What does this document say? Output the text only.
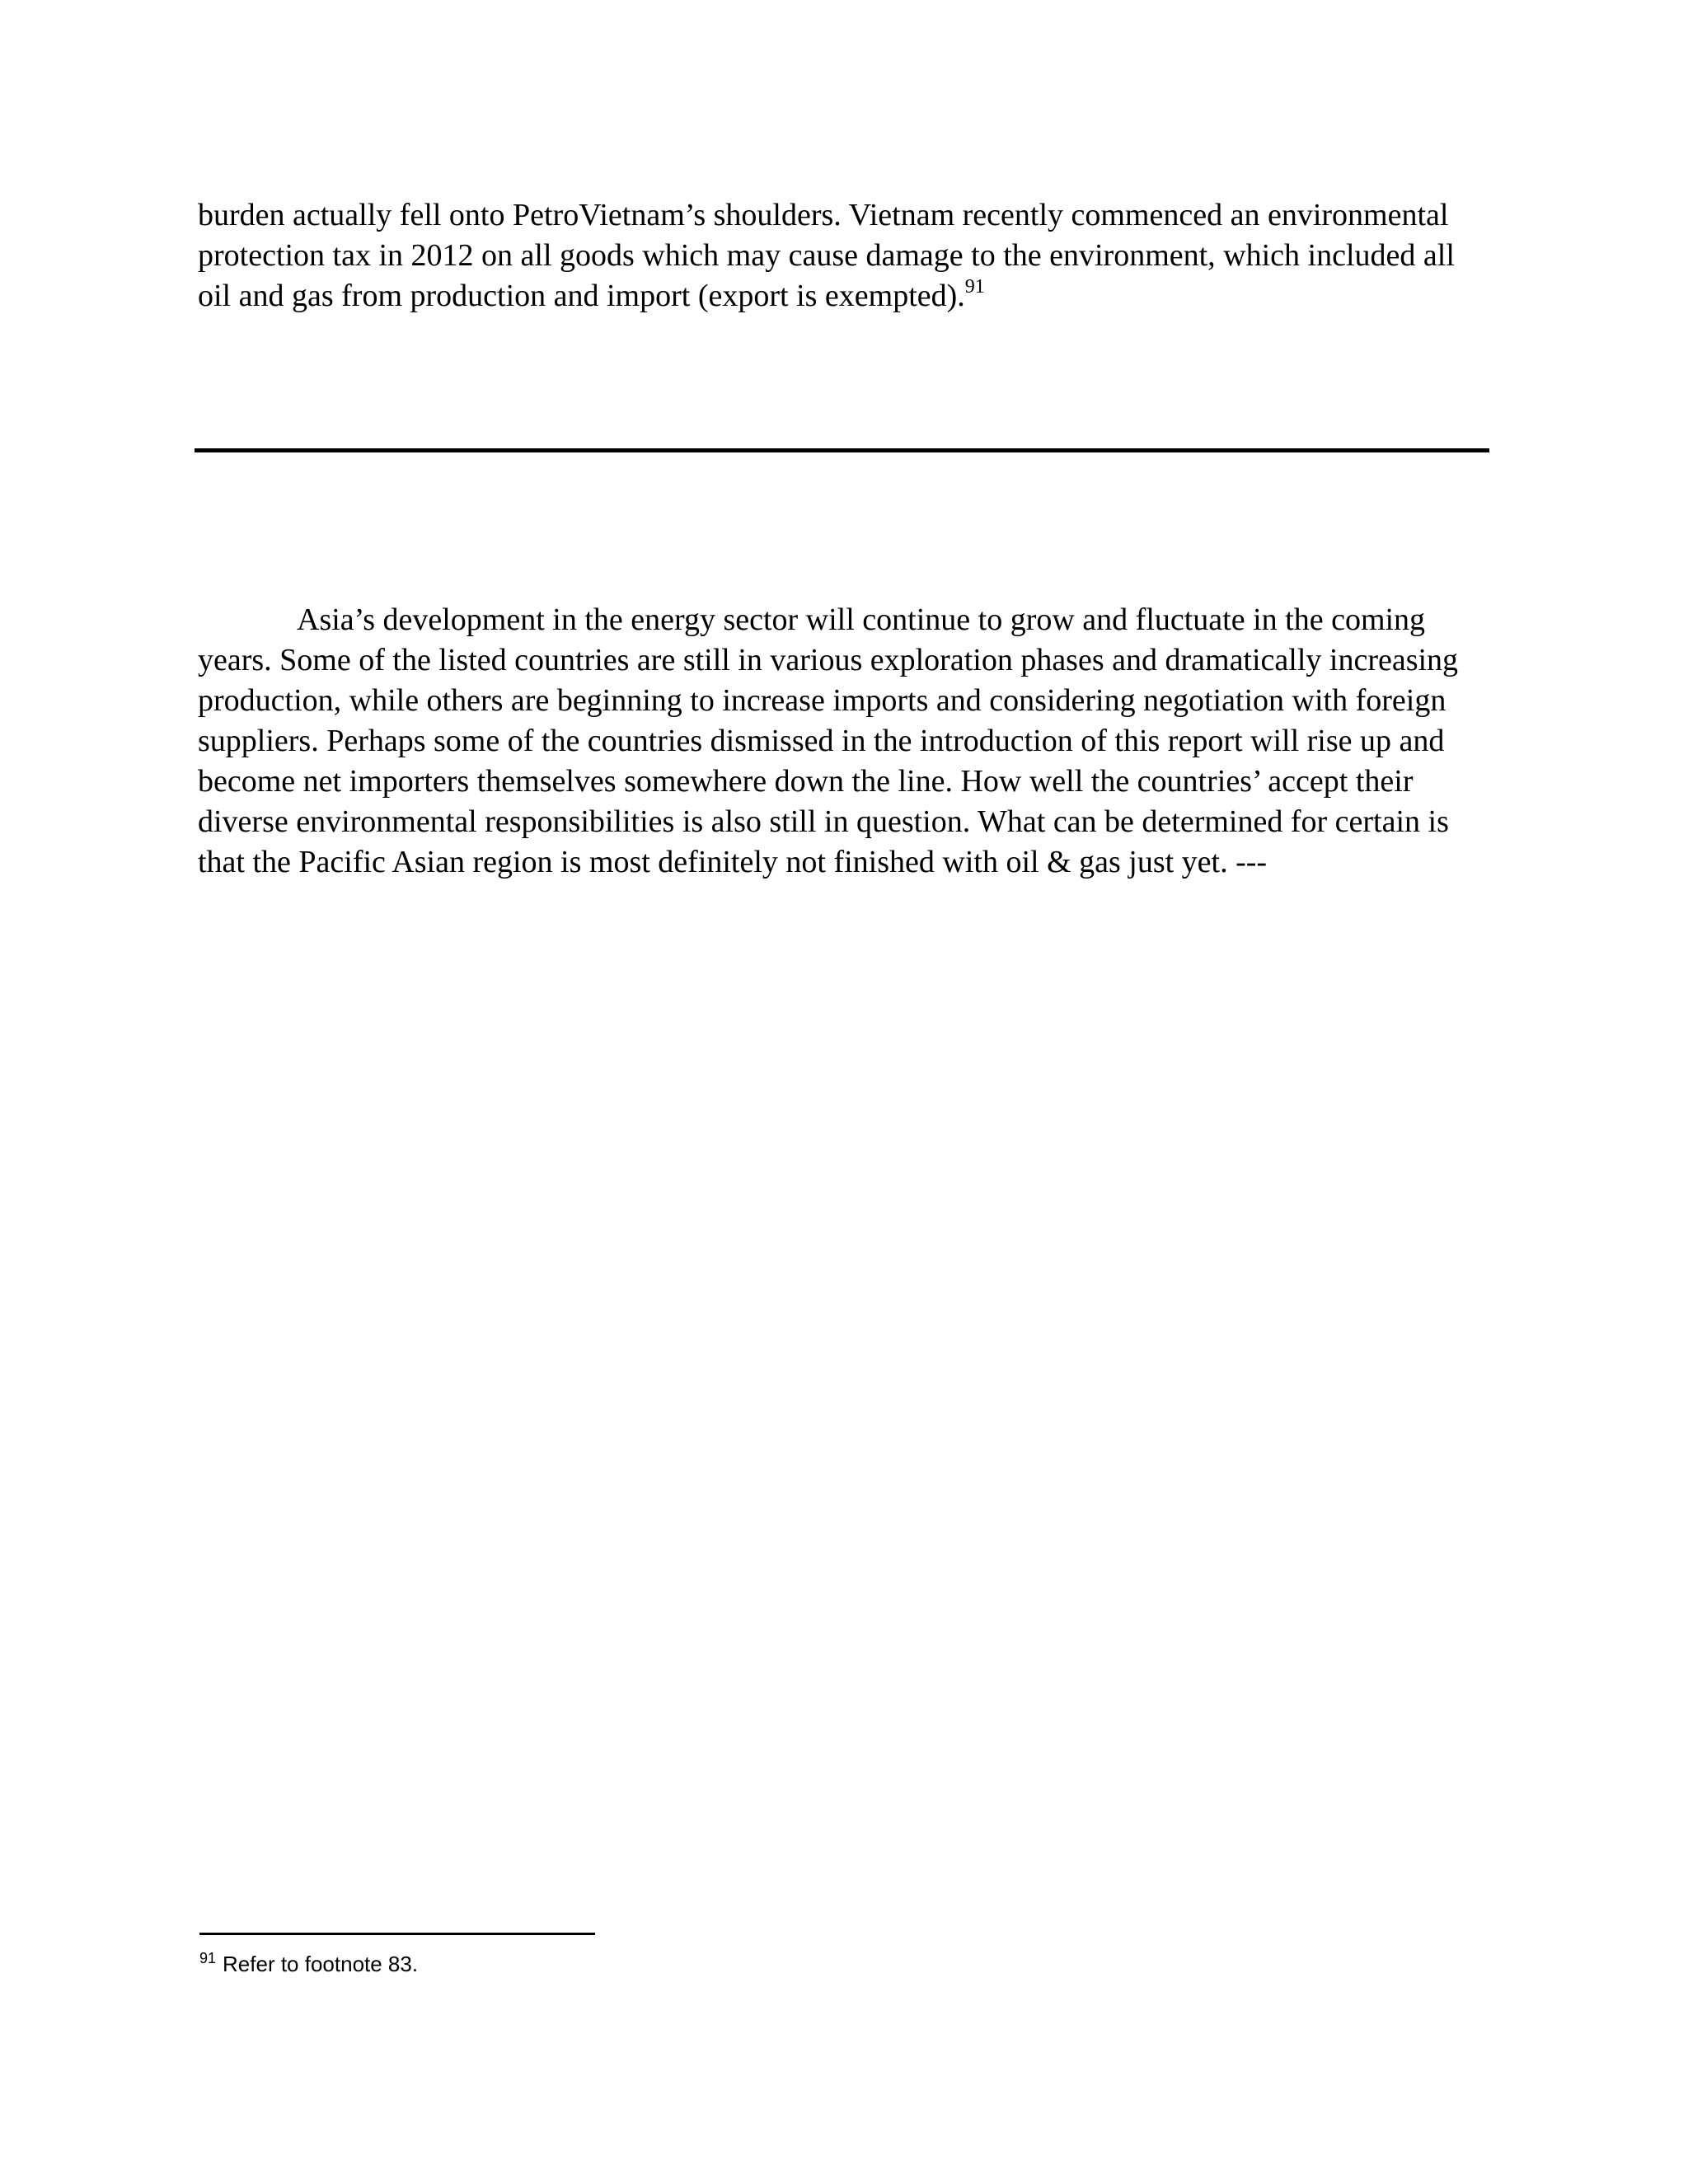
burden actually fell onto PetroVietnam’s shoulders. Vietnam recently commenced an environmental protection tax in 2012 on all goods which may cause damage to the environment, which included all oil and gas from production and import (export is exempted).$^{91}$

Asia’s development in the energy sector will continue to grow and fluctuate in the coming years. Some of the listed countries are still in various exploration phases and dramatically increasing production, while others are beginning to increase imports and considering negotiation with foreign suppliers. Perhaps some of the countries dismissed in the introduction of this report will rise up and become net importers themselves somewhere down the line. How well the countries’ accept their diverse environmental responsibilities is also still in question. What can be determined for certain is that the Pacific Asian region is most definitely not finished with oil & gas just yet. ---

$^{91}$ Refer to footnote 83.
